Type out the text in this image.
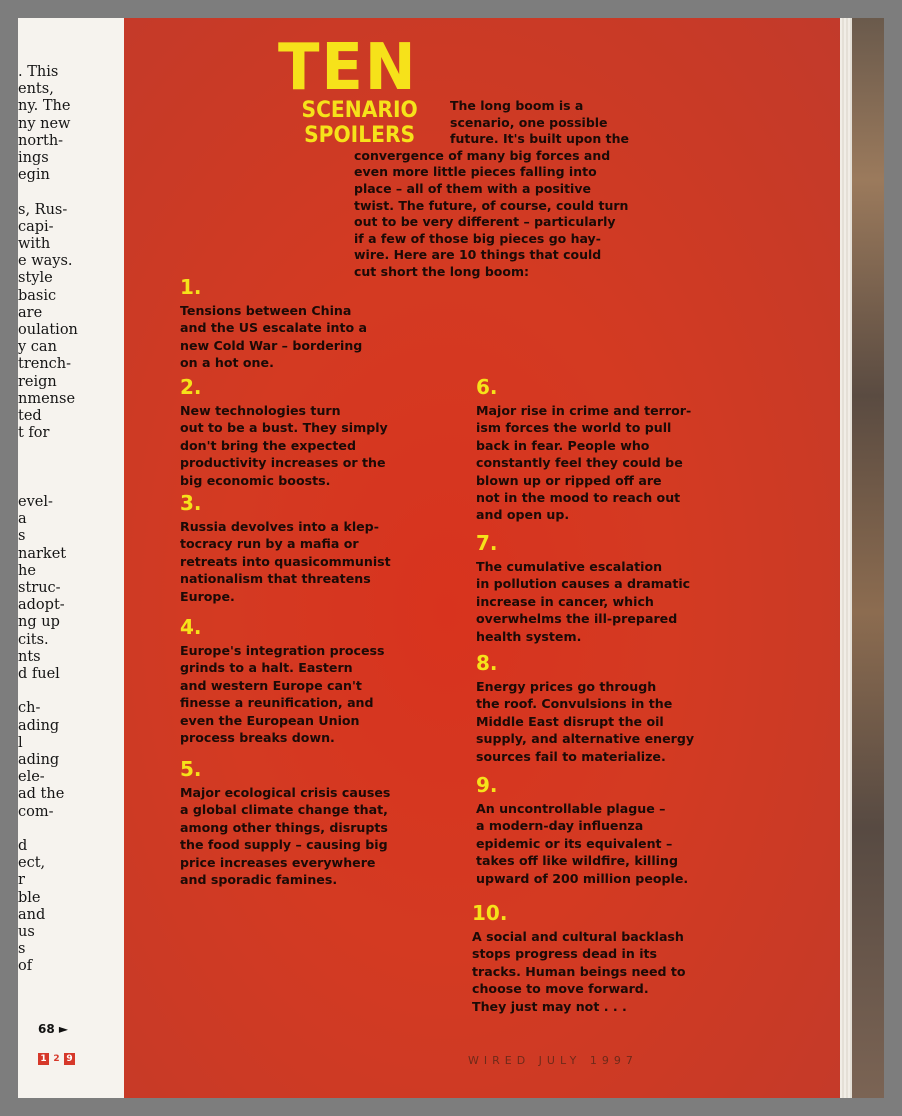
. This
ents,
ny. The
ny new
north-
ings
egin
s, Rus-
capi-
with
e ways.
style
basic
are
oulation
y can
trench-
reign
nmense
ted
t for
evel-
a
s
narket
he
struc-
adopt-
ng up
cits.
nts
d fuel
ch-
ading
l
ading
ele-
ad the
com-
d
ect,
r
ble
and
us
s
of
68 ►
1 2 9
TEN
SCENARIO
SPOILERS
The long boom is a
scenario, one possible
future. It's built upon the
convergence of many big forces and
even more little pieces falling into
place – all of them with a positive
twist. The future, of course, could turn
out to be very different – particularly
if a few of those big pieces go hay-
wire. Here are 10 things that could
cut short the long boom:
1.
Tensions between China
and the US escalate into a
new Cold War – bordering
on a hot one.
2.
New technologies turn
out to be a bust. They simply
don't bring the expected
productivity increases or the
big economic boosts.
3.
Russia devolves into a klep-
tocracy run by a mafia or
retreats into quasicommunist
nationalism that threatens
Europe.
4.
Europe's integration process
grinds to a halt. Eastern
and western Europe can't
finesse a reunification, and
even the European Union
process breaks down.
5.
Major ecological crisis causes
a global climate change that,
among other things, disrupts
the food supply – causing big
price increases everywhere
and sporadic famines.
6.
Major rise in crime and terror-
ism forces the world to pull
back in fear. People who
constantly feel they could be
blown up or ripped off are
not in the mood to reach out
and open up.
7.
The cumulative escalation
in pollution causes a dramatic
increase in cancer, which
overwhelms the ill-prepared
health system.
8.
Energy prices go through
the roof. Convulsions in the
Middle East disrupt the oil
supply, and alternative energy
sources fail to materialize.
9.
An uncontrollable plague –
a modern-day influenza
epidemic or its equivalent –
takes off like wildfire, killing
upward of 200 million people.
10.
A social and cultural backlash
stops progress dead in its
tracks. Human beings need to
choose to move forward.
They just may not . . .
WIRED JULY 1997
